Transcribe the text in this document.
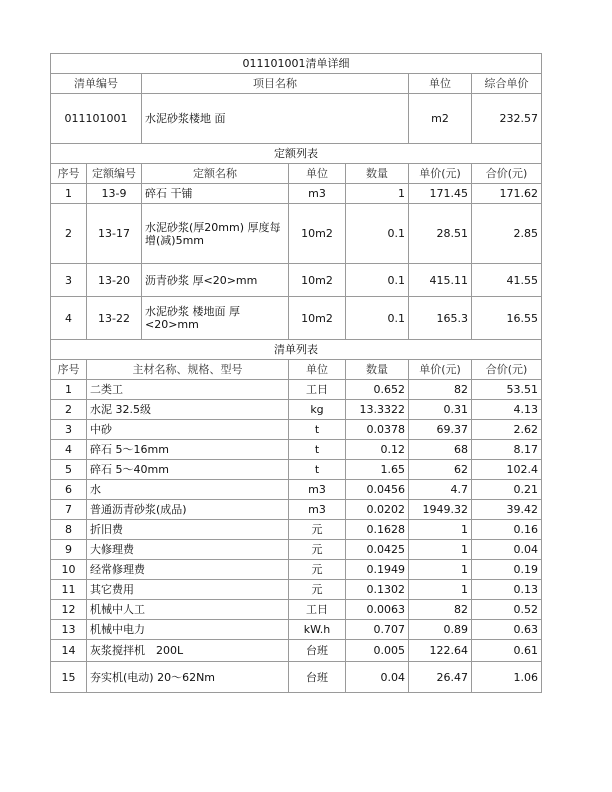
011101001清单详细						
清单编号		项目名称			单位	综合单价
011101001		水泥砂浆楼地 面			m2	232.57
定额列表						
序号	定额编号	定额名称	单位	数量	单价(元)	合价(元)
1	13-9	碎石 干铺	m3	1	171.45	171.62
2	13-17	水泥砂浆(厚20mm) 厚度每增(减)5mm	10m2	0.1	28.51	2.85
3	13-20	沥青砂浆 厚<20>mm	10m2	0.1	415.11	41.55
4	13-22	水泥砂浆 楼地面 厚<20>mm	10m2	0.1	165.3	16.55
清单列表						
序号	主材名称、规格、型号		单位	数量	单价(元)	合价(元)
1	二类工		工日	0.652	82	53.51
2	水泥 32.5级		kg	13.3322	0.31	4.13
3	中砂		t	0.0378	69.37	2.62
4	碎石 5～16mm		t	0.12	68	8.17
5	碎石 5～40mm		t	1.65	62	102.4
6	水		m3	0.0456	4.7	0.21
7	普通沥青砂浆(成品)		m3	0.0202	1949.32	39.42
8	折旧费		元	0.1628	1	0.16
9	大修理费		元	0.0425	1	0.04
10	经常修理费		元	0.1949	1	0.19
11	其它费用		元	0.1302	1	0.13
12	机械中人工		工日	0.0063	82	0.52
13	机械中电力		kW.h	0.707	0.89	0.63
14	灰浆搅拌机　200L		台班	0.005	122.64	0.61
15	夯实机(电动) 20～62Nm		台班	0.04	26.47	1.06
